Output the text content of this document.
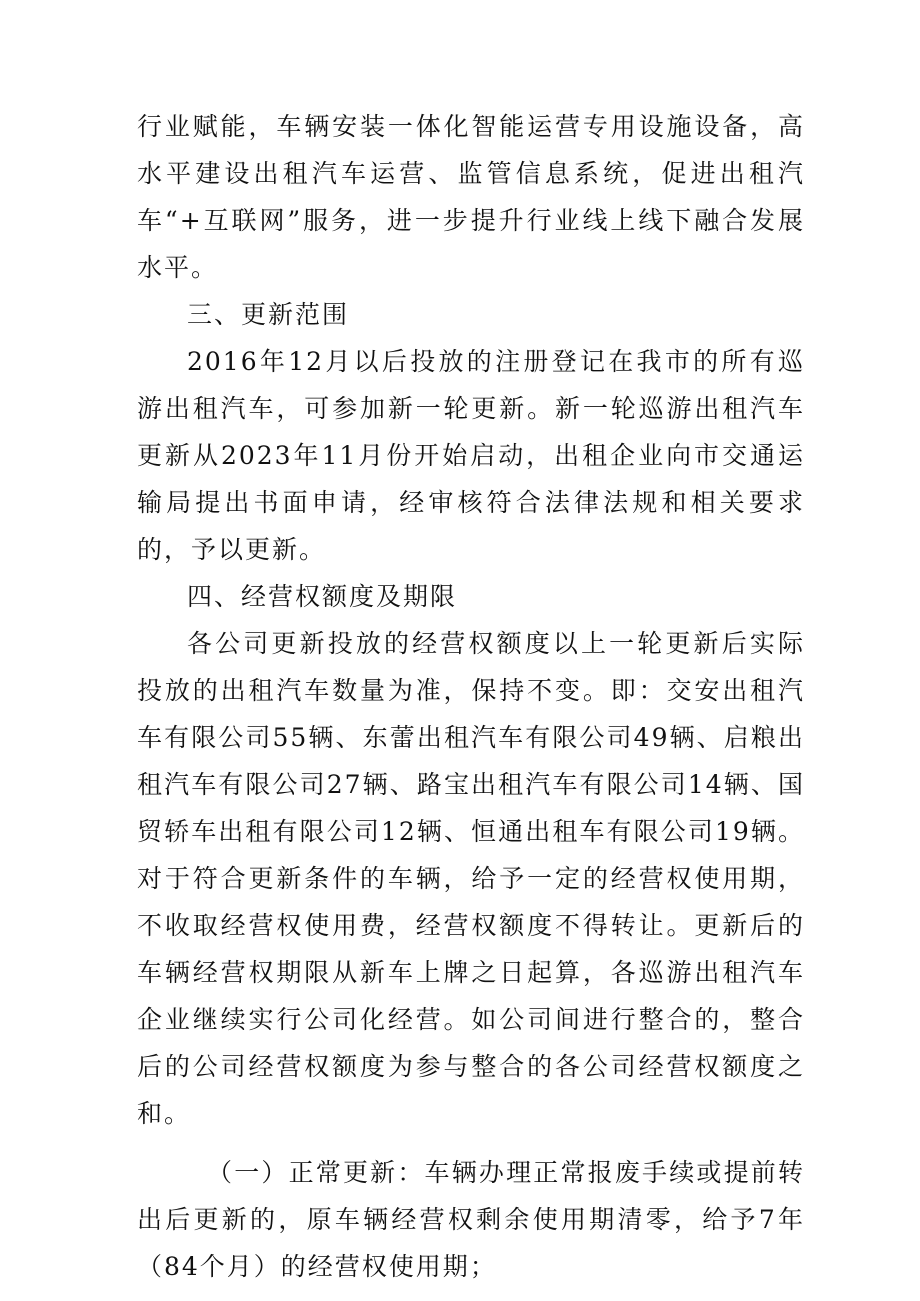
行业赋能，车辆安装一体化智能运营专用设施设备，高水平建设出租汽车运营、监管信息系统，促进出租汽车“+互联网”服务，进一步提升行业线上线下融合发展水平。

三、更新范围

2016年12月以后投放的注册登记在我市的所有巡游出租汽车，可参加新一轮更新。新一轮巡游出租汽车更新从2023年11月份开始启动，出租企业向市交通运输局提出书面申请，经审核符合法律法规和相关要求的，予以更新。

四、经营权额度及期限

各公司更新投放的经营权额度以上一轮更新后实际投放的出租汽车数量为准，保持不变。即：交安出租汽车有限公司55辆、东蕾出租汽车有限公司49辆、启粮出租汽车有限公司27辆、路宝出租汽车有限公司14辆、国贸轿车出租有限公司12辆、恒通出租车有限公司19辆。对于符合更新条件的车辆，给予一定的经营权使用期，不收取经营权使用费，经营权额度不得转让。更新后的车辆经营权期限从新车上牌之日起算，各巡游出租汽车企业继续实行公司化经营。如公司间进行整合的，整合后的公司经营权额度为参与整合的各公司经营权额度之和。

（一）正常更新：车辆办理正常报废手续或提前转出后更新的，原车辆经营权剩余使用期清零，给予7年（84个月）的经营权使用期；
